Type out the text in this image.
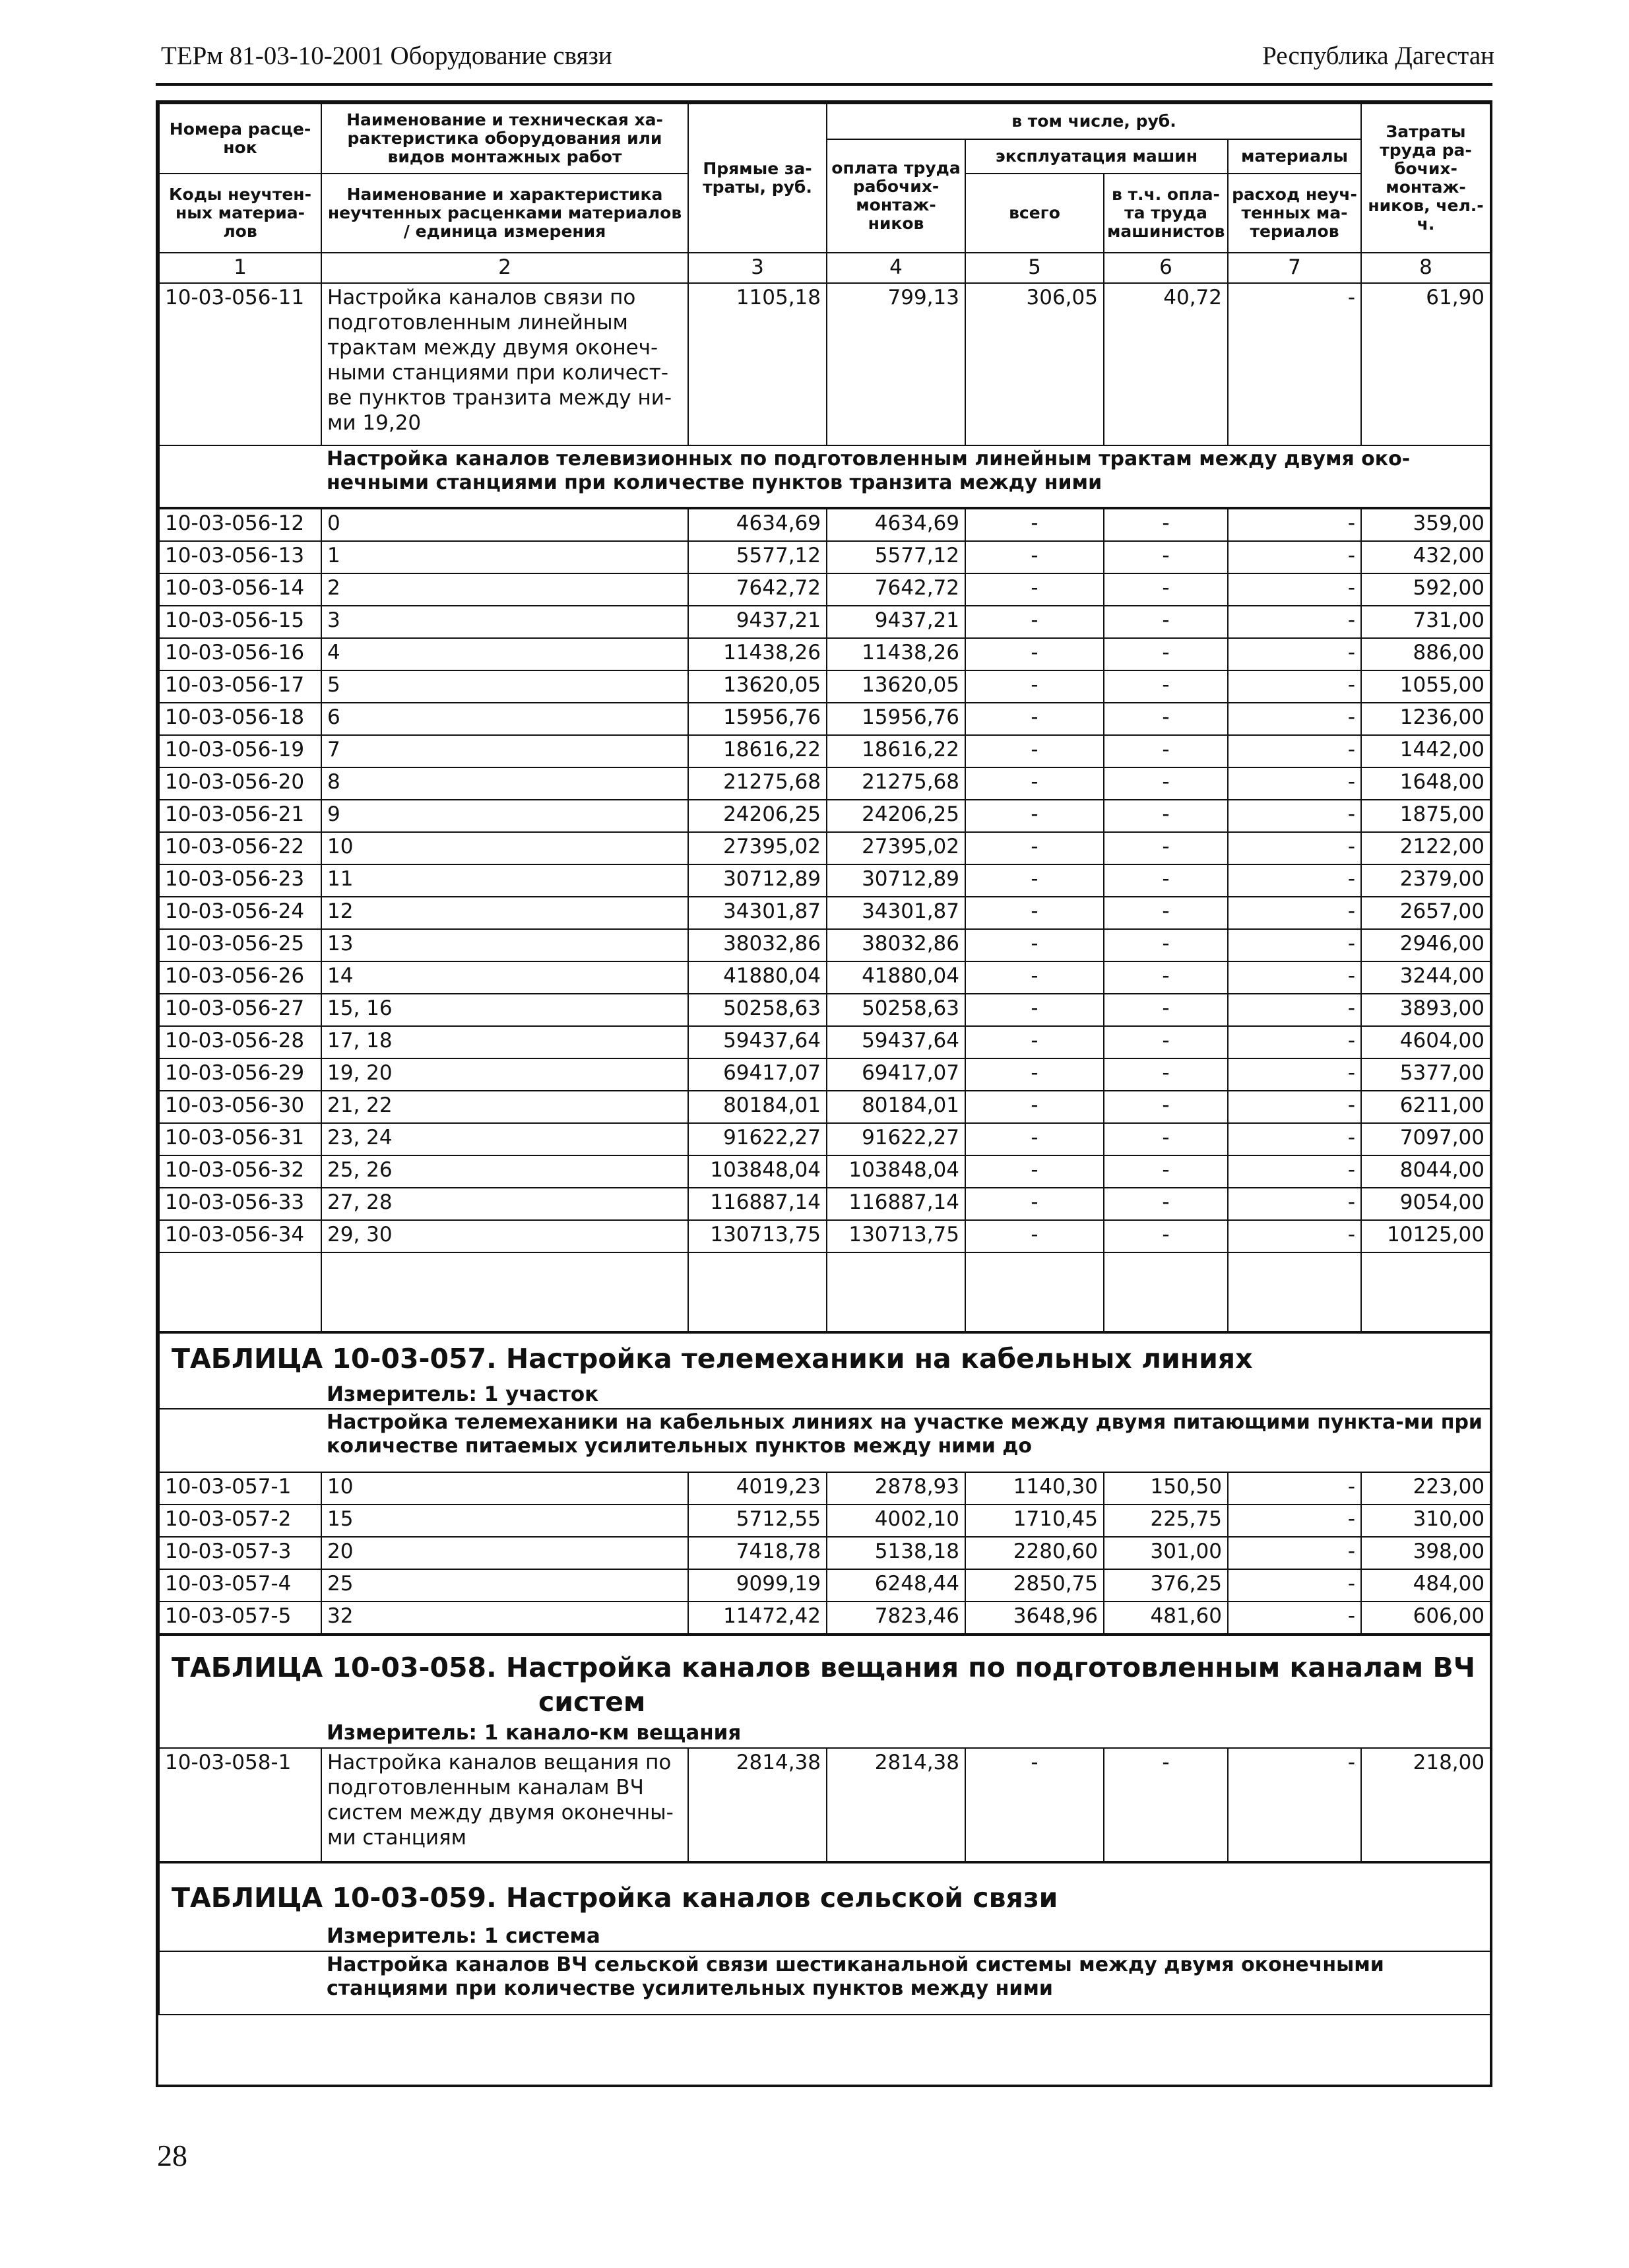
ТЕРм 81-03-10-2001 Оборудование связи	Республика Дагестан
Номера расце-нок	Наименование и техническая ха-рактеристика оборудования или видов монтажных работ	Прямые за-траты, руб.	в том числе, руб.				Затраты труда ра-бочих-монтаж-ников, чел.-ч.
			оплата труда рабочих-монтаж-ников	эксплуатация машин		материалы	
Коды неучтен-ных материа-лов	Наименование и характеристика неучтенных расценками материалов / единица измерения			всего	в т.ч. опла-та труда машинистов	расход неуч-тенных ма-териалов	

1	2	3	4	5	6	7	8
10-03-056-11	Настройка каналов связи по подготовленным линейным трактам между двумя оконеч-ными станциями при количест-ве пунктов транзита между ни-ми 19,20	1105,18	799,13	306,05	40,72	-	61,90
	Настройка каналов телевизионных по подготовленным линейным трактам между двумя око-нечными станциями при количестве пунктов транзита между ними						
10-03-056-12	0	4634,69	4634,69	-	-	-	359,00
10-03-056-13	1	5577,12	5577,12	-	-	-	432,00
10-03-056-14	2	7642,72	7642,72	-	-	-	592,00
10-03-056-15	3	9437,21	9437,21	-	-	-	731,00
10-03-056-16	4	11438,26	11438,26	-	-	-	886,00
10-03-056-17	5	13620,05	13620,05	-	-	-	1055,00
10-03-056-18	6	15956,76	15956,76	-	-	-	1236,00
10-03-056-19	7	18616,22	18616,22	-	-	-	1442,00
10-03-056-20	8	21275,68	21275,68	-	-	-	1648,00
10-03-056-21	9	24206,25	24206,25	-	-	-	1875,00
10-03-056-22	10	27395,02	27395,02	-	-	-	2122,00
10-03-056-23	11	30712,89	30712,89	-	-	-	2379,00
10-03-056-24	12	34301,87	34301,87	-	-	-	2657,00
10-03-056-25	13	38032,86	38032,86	-	-	-	2946,00
10-03-056-26	14	41880,04	41880,04	-	-	-	3244,00
10-03-056-27	15, 16	50258,63	50258,63	-	-	-	3893,00
10-03-056-28	17, 18	59437,64	59437,64	-	-	-	4604,00
10-03-056-29	19, 20	69417,07	69417,07	-	-	-	5377,00
10-03-056-30	21, 22	80184,01	80184,01	-	-	-	6211,00
10-03-056-31	23, 24	91622,27	91622,27	-	-	-	7097,00
10-03-056-32	25, 26	103848,04	103848,04	-	-	-	8044,00
10-03-056-33	27, 28	116887,14	116887,14	-	-	-	9054,00
10-03-056-34	29, 30	130713,75	130713,75	-	-	-	10125,00

ТАБЛИЦА 10-03-057. Настройка телемеханики на кабельных линиях							
	Измеритель: 1 участок						
	Настройка телемеханики на кабельных линиях на участке между двумя питающими пункта-ми при количестве питаемых усилительных пунктов между ними до						
10-03-057-1	10	4019,23	2878,93	1140,30	150,50	-	223,00
10-03-057-2	15	5712,55	4002,10	1710,45	225,75	-	310,00
10-03-057-3	20	7418,78	5138,18	2280,60	301,00	-	398,00
10-03-057-4	25	9099,19	6248,44	2850,75	376,25	-	484,00
10-03-057-5	32	11472,42	7823,46	3648,96	481,60	-	606,00
ТАБЛИЦА 10-03-058. Настройка каналов вещания по подготовленным каналам ВЧ
систем							

	Измеритель: 1 канало-км вещания						
10-03-058-1	Настройка каналов вещания по подготовленным каналам ВЧ систем между двумя оконечны-ми станциям	2814,38	2814,38	-	-	-	218,00
ТАБЛИЦА 10-03-059. Настройка каналов сельской связи	
	Измеритель: 1 система
	Настройка каналов ВЧ сельской связи шестиканальной системы между двумя оконечными станциями при количестве усилительных пунктов между ними
28
